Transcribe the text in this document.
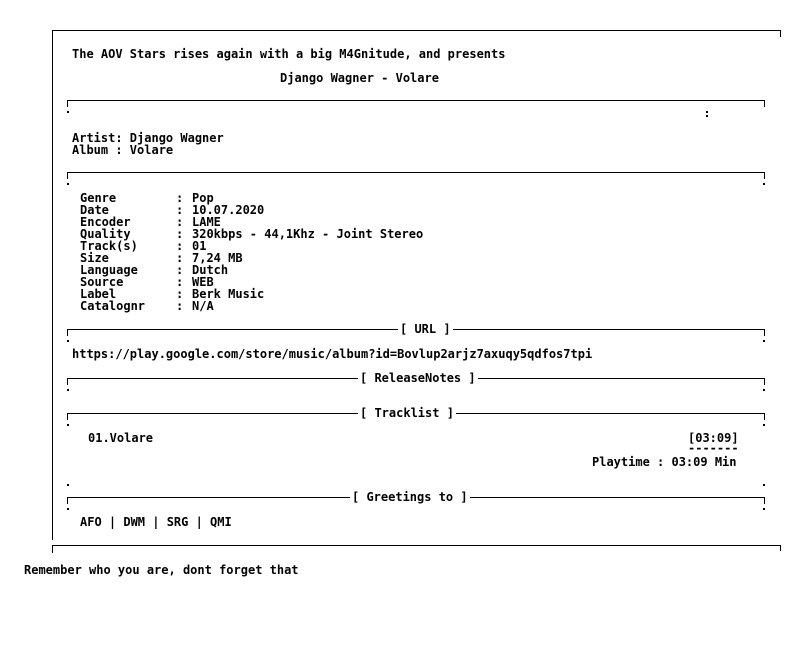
The AOV Stars rises again with a big M4Gnitude, and presents
Django Wagner - Volare
Artist: Django Wagner
Album : Volare
Genre	: Pop
Date	: 10.07.2020
Encoder	: LAME
Quality	: 320kbps - 44,1Khz - Joint Stereo
Track(s)	: 01
Size	: 7,24 MB
Language	: Dutch
Source	: WEB
Label	: Berk Music
Catalognr	: N/A
[ URL ]
https://play.google.com/store/music/album?id=Bovlup2arjz7axuqy5qdfos7tpi
[ ReleaseNotes ]
[ Tracklist ]
01.Volare	[03:09]
-------
Playtime : 03:09 Min
[ Greetings to ]
AFO | DWM | SRG | QMI
Remember who you are, dont forget that
